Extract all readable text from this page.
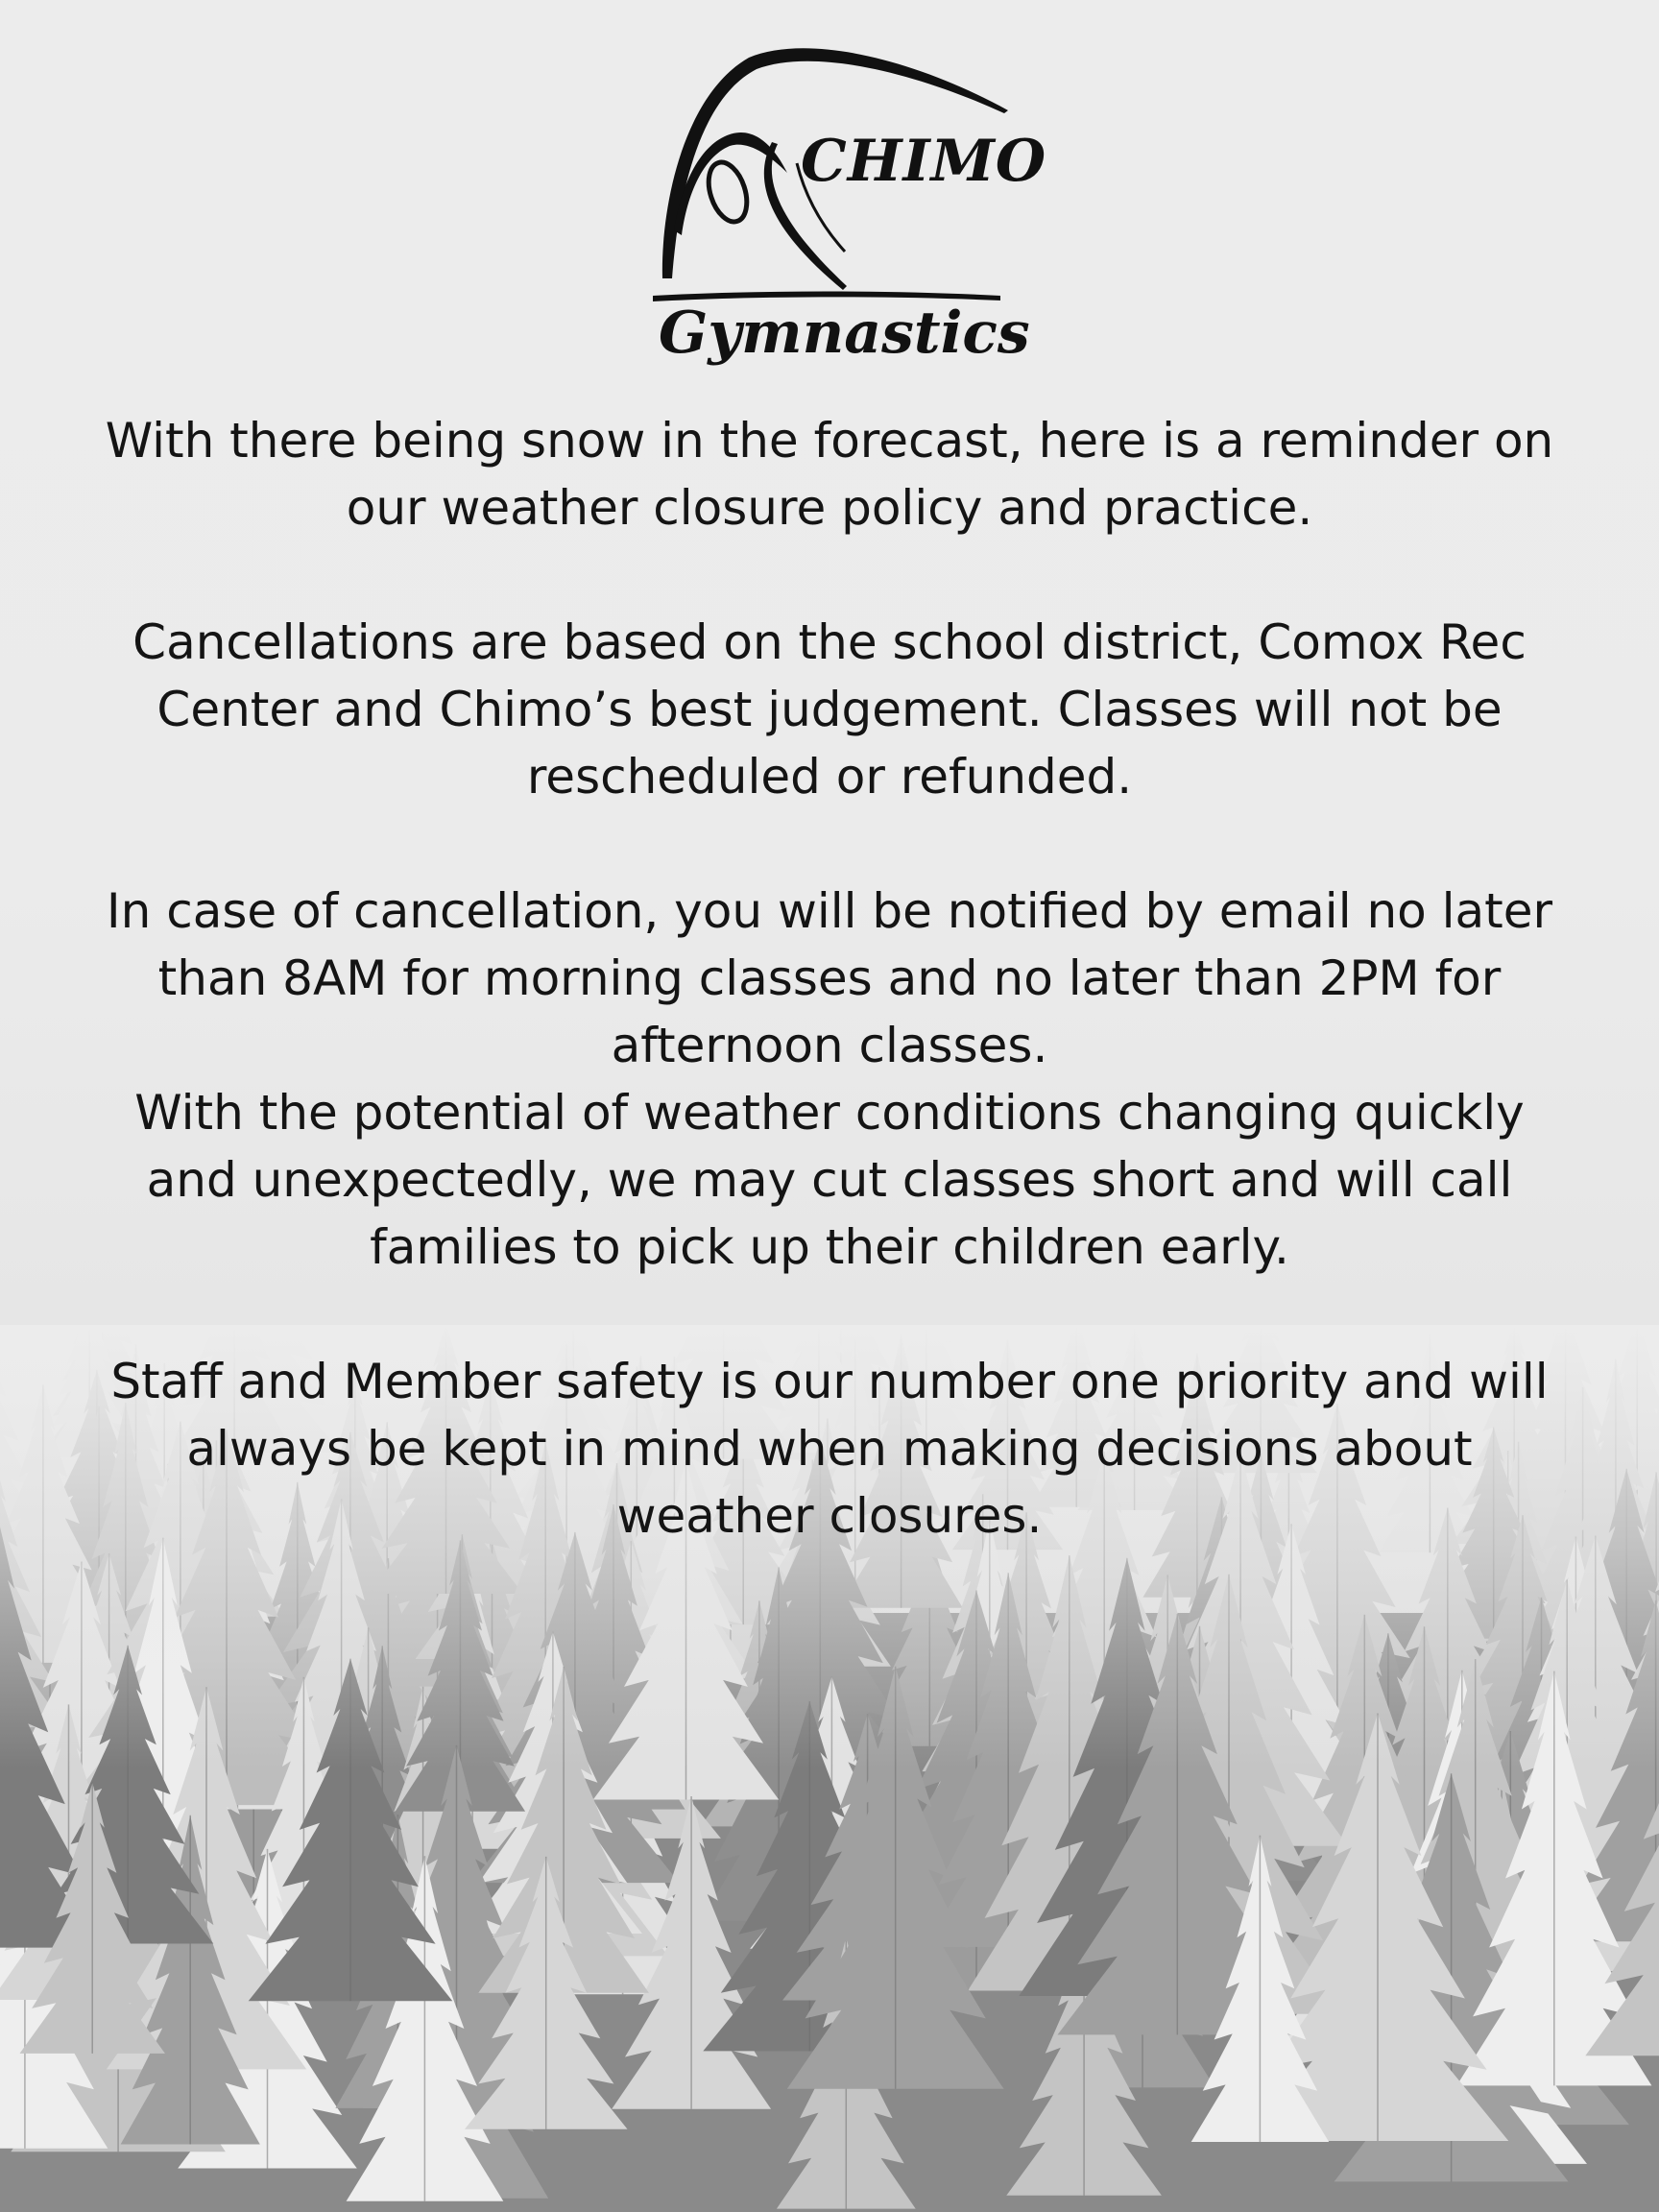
CHIMO
Gymnastics

With there being snow in the forecast, here is a reminder on our weather closure policy and practice.

Cancellations are based on the school district, Comox Rec Center and Chimo’s best judgement. Classes will not be rescheduled or refunded.

In case of cancellation, you will be notified by email no later than 8AM for morning classes and no later than 2PM for afternoon classes.

With the potential of weather conditions changing quickly and unexpectedly, we may cut classes short and will call families to pick up their children early.

Staff and Member safety is our number one priority and will always be kept in mind when making decisions about weather closures.
